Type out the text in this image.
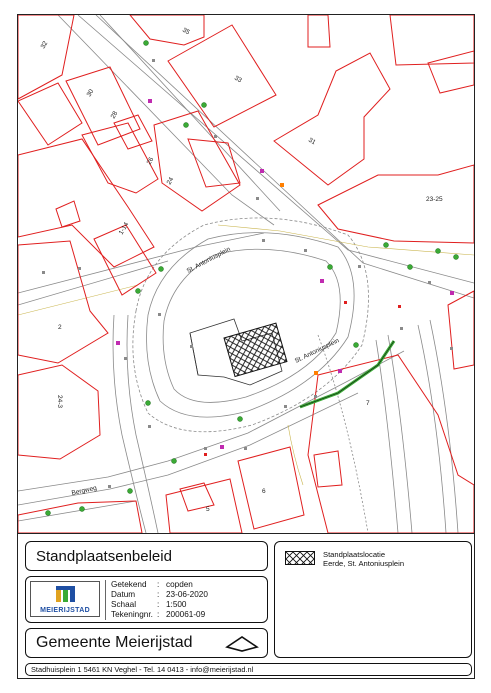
St. Antoniusplein
St. Antoniusplein
Bergweg
32
35
33
30
28
31
26
24
23-25
1-14
2
24-3	7
6
5
Standplaatsenbeleid
MEIERIJSTAD
Getekend	: copden
Datum	: 23-06-2020
Schaal	: 1:500
Tekeningnr. : 200061-09
Gemeente Meierijstad
Standplaatslocatie
Eerde, St. Antoniusplein
Stadhuisplein 1 5461 KN Veghel - Tel. 14 0413 - info@meierijstad.nl
